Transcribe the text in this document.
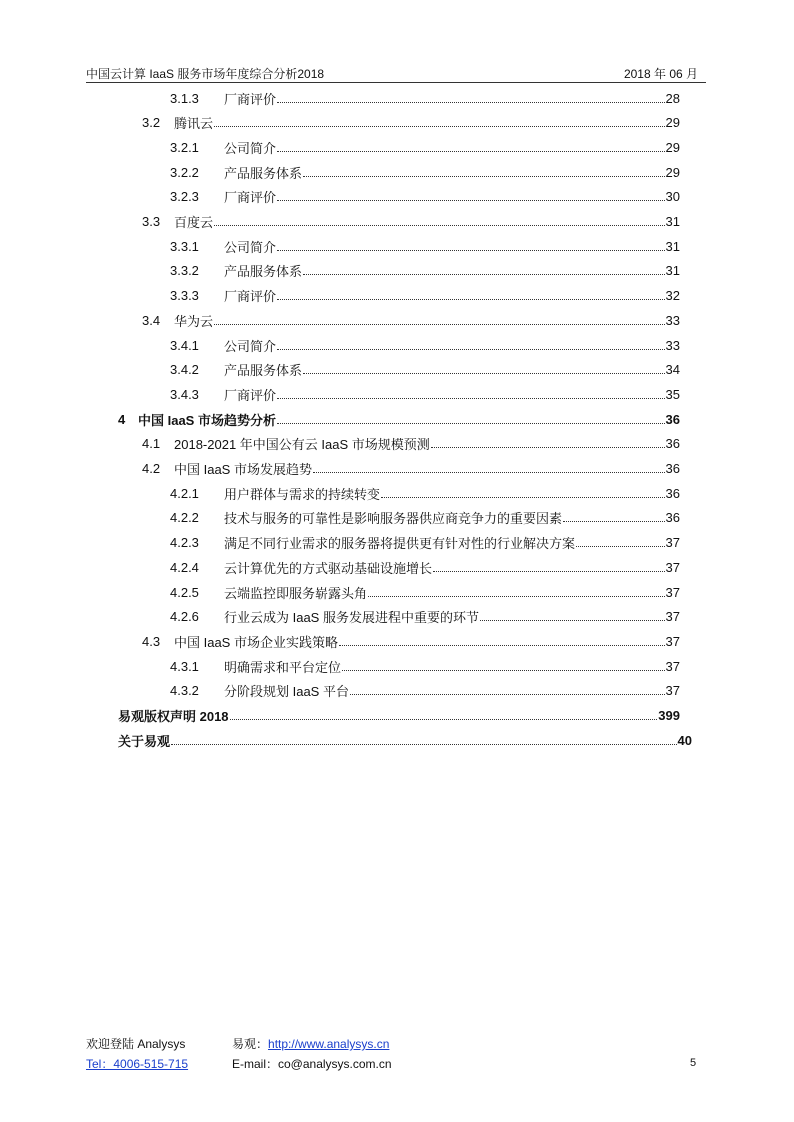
中国云计算 IaaS 服务市场年度综合分析2018	2018 年 06 月
3.1.3	厂商评价	28
3.2	腾讯云	29
3.2.1	公司简介	29
3.2.2	产品服务体系	29
3.2.3	厂商评价	30
3.3	百度云	31
3.3.1	公司简介	31
3.3.2	产品服务体系	31
3.3.3	厂商评价	32
3.4	华为云	33
3.4.1	公司简介	33
3.4.2	产品服务体系	34
3.4.3	厂商评价	35
4 中国 IaaS 市场趋势分析	36
4.1	2018-2021 年中国公有云 IaaS 市场规模预测	36
4.2	中国 IaaS 市场发展趋势	36
4.2.1	用户群体与需求的持续转变	36
4.2.2	技术与服务的可靠性是影响服务器供应商竞争力的重要因素	36
4.2.3	满足不同行业需求的服务器将提供更有针对性的行业解决方案	37
4.2.4	云计算优先的方式驱动基础设施增长	37
4.2.5	云端监控即服务崭露头角	37
4.2.6	行业云成为 IaaS 服务发展进程中重要的环节	37
4.3	中国 IaaS 市场企业实践策略	37
4.3.1	明确需求和平台定位	37
4.3.2	分阶段规划 IaaS 平台	37
易观版权声明 2018	399
关于易观	40
欢迎登陆 Analysys	易观：http://www.analysys.cn
Tel：4006-515-715	E-mail：co@analysys.com.cn	5
